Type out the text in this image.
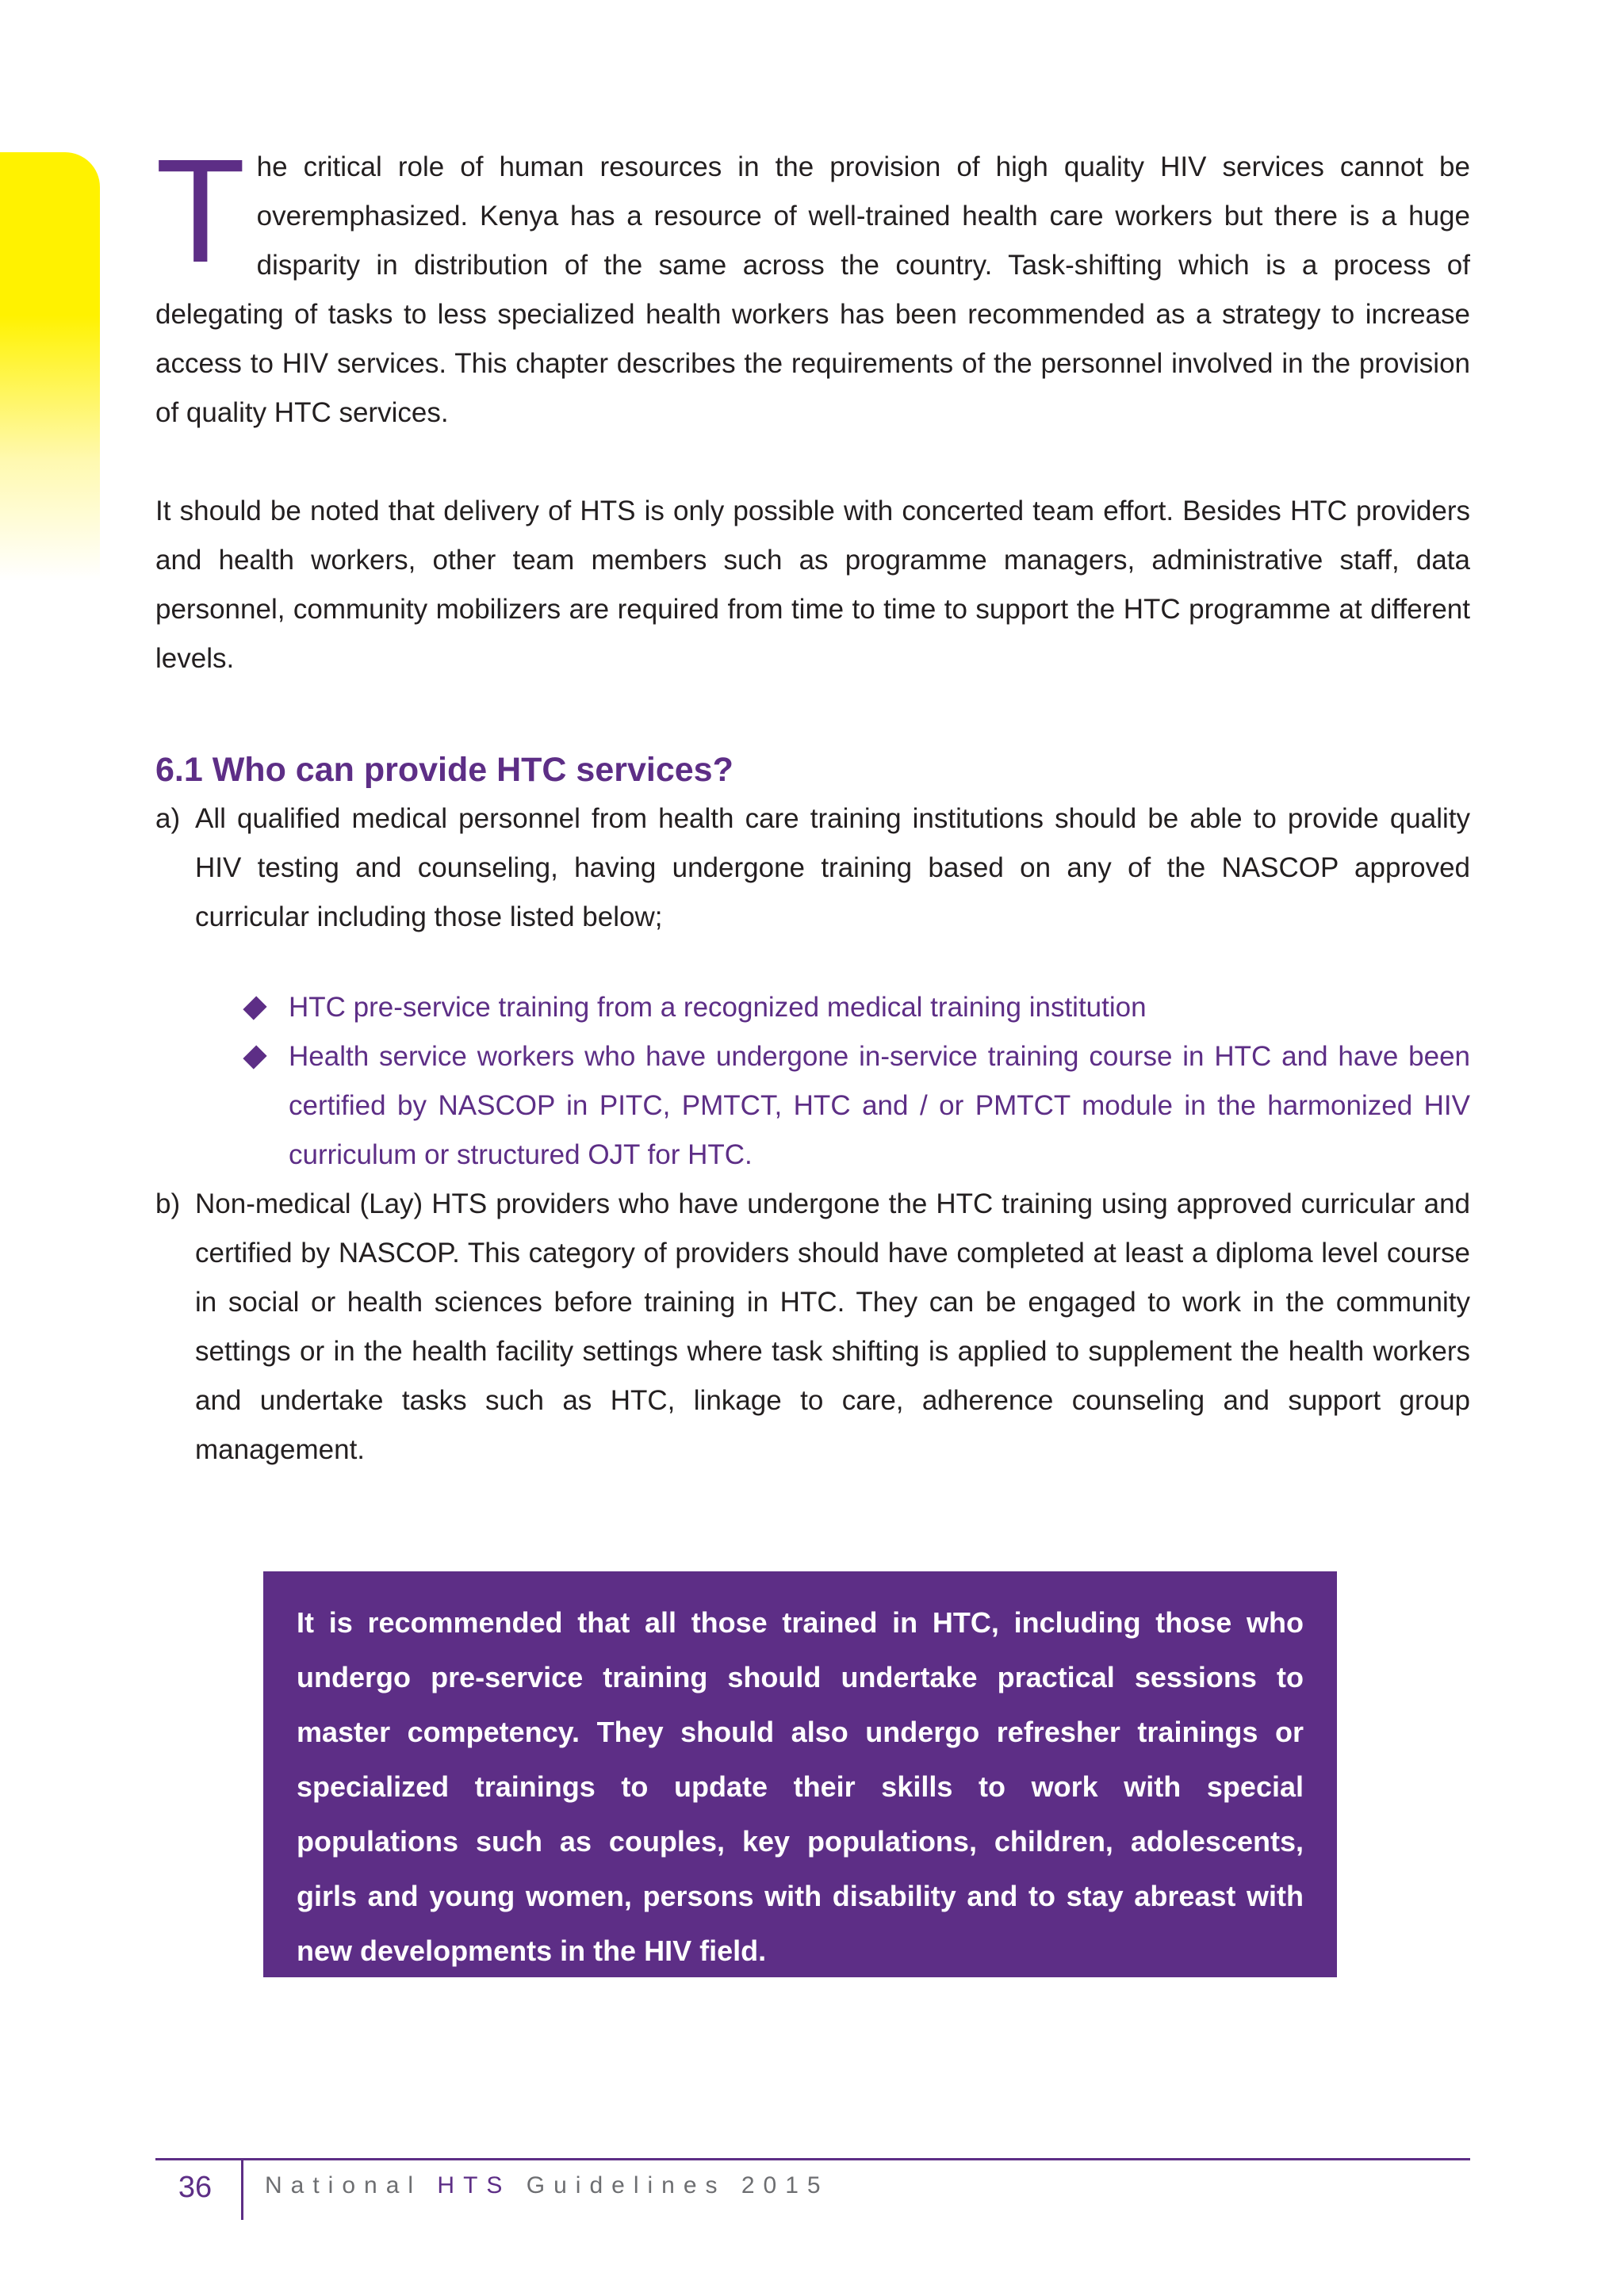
T he critical role of human resources in the provision of high quality HIV services cannot be overemphasized. Kenya has a resource of well-trained health care workers but there is a huge disparity in distribution of the same across the country. Task-shifting which is a process of delegating of tasks to less specialized health workers has been recommended as a strategy to increase access to HIV services. This chapter describes the requirements of the personnel involved in the provision of quality HTC services.

It should be noted that delivery of HTS is only possible with concerted team effort. Besides HTC providers and health workers, other team members such as programme managers, administrative staff, data personnel, community mobilizers are required from time to time to support the HTC programme at different levels.

6.1 Who can provide HTC services?
a) All qualified medical personnel from health care training institutions should be able to provide quality HIV testing and counseling, having undergone training based on any of the NASCOP approved curricular including those listed below;

HTC pre-service training from a recognized medical training institution

Health service workers who have undergone in-service training course in HTC and have been certified by NASCOP in PITC, PMTCT, HTC and / or PMTCT module in the harmonized HIV curriculum or structured OJT for HTC.

b) Non-medical (Lay) HTS providers who have undergone the HTC training using approved curricular and certified by NASCOP. This category of providers should have completed at least a diploma level course in social or health sciences before training in HTC. They can be engaged to work in the community settings or in the health facility settings where task shifting is applied to supplement the health workers and undertake tasks such as HTC, linkage to care, adherence counseling and support group management.

It is recommended that all those trained in HTC, including those who undergo pre-service training should undertake practical sessions to master competency. They should also undergo refresher trainings or specialized trainings to update their skills to work with special populations such as couples, key populations, children, adolescents, girls and young women, persons with disability and to stay abreast with new developments in the HIV field.

36	National HTS Guidelines 2015
